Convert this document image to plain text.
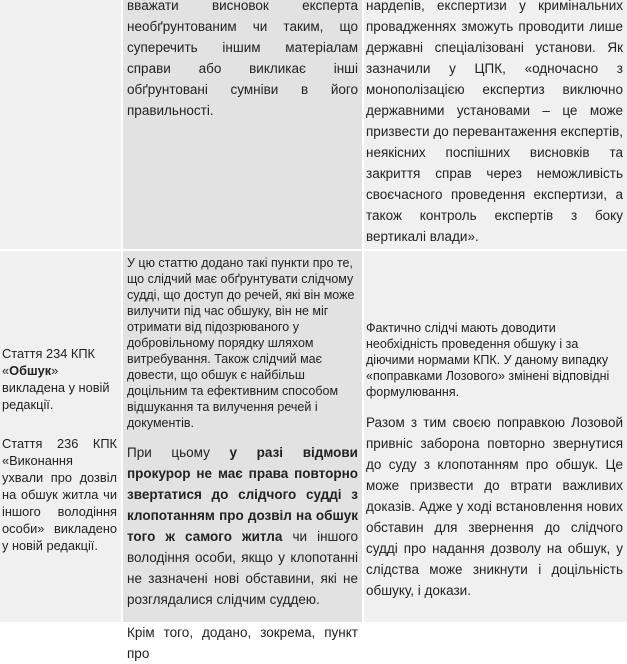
вважати висновок експерта необґрунтованим чи таким, що суперечить іншим матеріалам справи або викликає інші обґрунтовані сумніви в його правильності.

нардепів, експертизи у кримінальних провадженнях зможуть проводити лише державні спеціалізовані установи. Як зазначили у ЦПК, «одночасно з монополізацією експертиз виключно державними установами – це може призвести до перевантаження експертів, неякісних поспішних висновків та закриття справ через неможливість своєчасного проведення експертизи, а також контроль експертів з боку вертикалі влади».

Стаття 234 КПК «Обшук» викладена у новій редакції.

Стаття 236 КПК «Виконання ухвали про дозвіл на обшук житла чи іншого володіння особи» викладено у новій редакції.

У цю статтю додано такі пункти про те, що слідчий має обґрунтувати слідчому судді, що доступ до речей, які він може вилучити під час обшуку, він не міг отримати від підозрюваного у добровільному порядку шляхом витребування. Також слідчий має довести, що обшук є найбільш доцільним та ефективним способом відшукання та вилучення речей і документів.

При цьому у разі відмови прокурор не має права повторно звертатися до слідчого судді з клопотанням про дозвіл на обшук того ж самого житла чи іншого володіння особи, якщо у клопотанні не зазначені нові обставини, які не розглядалися слідчим суддею.

Крім того, додано, зокрема, пункт про

Фактично слідчі мають доводити необхідність проведення обшуку і за діючими нормами КПК. У даному випадку «поправками Лозового» змінені відповідні формулювання.

Разом з тим своєю поправкою Лозовой привніс заборона повторно звернутися до суду з клопотанням про обшук. Це може призвести до втрати важливих доказів. Адже у ході встановлення нових обставин для звернення до слідчого судді про надання дозволу на обшук, у слідства може зникнути і доцільність обшуку, і докази.
